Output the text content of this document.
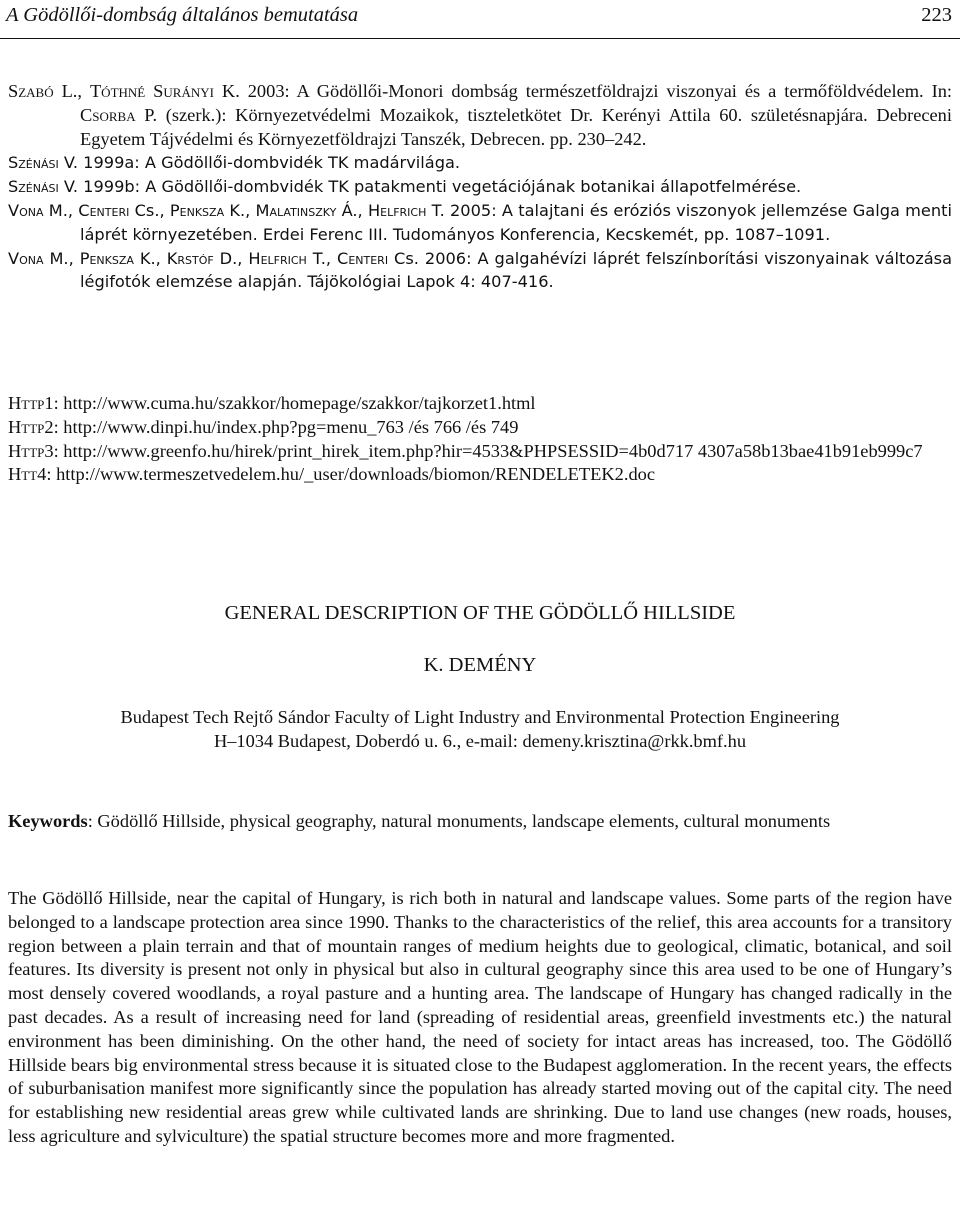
A Gödöllői-dombság általános bemutatása	223

Szabó L., Tóthné Surányi K. 2003: A Gödöllői-Monori dombság természetföldrajzi viszonyai és a termőföldvédelem. In: Csorba P. (szerk.): Környezetvédelmi Mozaikok, tiszteletkötet Dr. Kerényi Attila 60. születésnapjára. Debreceni Egyetem Tájvédelmi és Környezetföldrajzi Tanszék, Debrecen. pp. 230–242.

Szénási V. 1999a: A Gödöllői-dombvidék TK madárvilága.

Szénási V. 1999b: A Gödöllői-dombvidék TK patakmenti vegetációjának botanikai állapotfelmérése.

Vona M., Centeri Cs., Penksza K., Malatinszky Á., Helfrich T. 2005: A talajtani és eróziós viszonyok jellemzése Galga menti láprét környezetében. Erdei Ferenc III. Tudományos Konferencia, Kecskemét, pp. 1087–1091.

Vona M., Penksza K., Krstóf D., Helfrich T., Centeri Cs. 2006: A galgahévízi láprét felszínborítási viszonyainak változása légifotók elemzése alapján. Tájökológiai Lapok 4: 407-416.

Http1: http://www.cuma.hu/szakkor/homepage/szakkor/tajkorzet1.html

Http2: http://www.dinpi.hu/index.php?pg=menu_763 /és 766 /és 749

Http3: http://www.greenfo.hu/hirek/print_hirek_item.php?hir=4533&PHPSESSID=4b0d717 4307a58b13bae41b91eb999c7

Htt4: http://www.termeszetvedelem.hu/_user/downloads/biomon/RENDELETEK2.doc

GENERAL DESCRIPTION OF THE GÖDÖLLŐ HILLSIDE
K. DEMÉNY
Budapest Tech Rejtő Sándor Faculty of Light Industry and Environmental Protection Engineering
H–1034 Budapest, Doberdó u. 6., e-mail: demeny.krisztina@rkk.bmf.hu
Keywords: Gödöllő Hillside, physical geography, natural monuments, landscape elements, cultural monuments

The Gödöllő Hillside, near the capital of Hungary, is rich both in natural and landscape values. Some parts of the region have belonged to a landscape protection area since 1990. Thanks to the characteristics of the relief, this area accounts for a transitory region between a plain terrain and that of mountain ranges of medium heights due to geological, climatic, botanical, and soil features. Its diversity is present not only in physical but also in cultural geography since this area used to be one of Hungary’s most densely covered woodlands, a royal pasture and a hunting area. The landscape of Hungary has changed radically in the past decades. As a result of increasing need for land (spreading of residential areas, greenfield investments etc.) the natural environment has been diminishing. On the other hand, the need of society for intact areas has increased, too. The Gödöllő Hillside bears big environmental stress because it is situated close to the Budapest agglomeration. In the recent years, the effects of suburbanisation manifest more significantly since the population has already started moving out of the capital city. The need for establishing new residential areas grew while cultivated lands are shrinking. Due to land use changes (new roads, houses, less agriculture and sylviculture) the spatial structure becomes more and more fragmented.
